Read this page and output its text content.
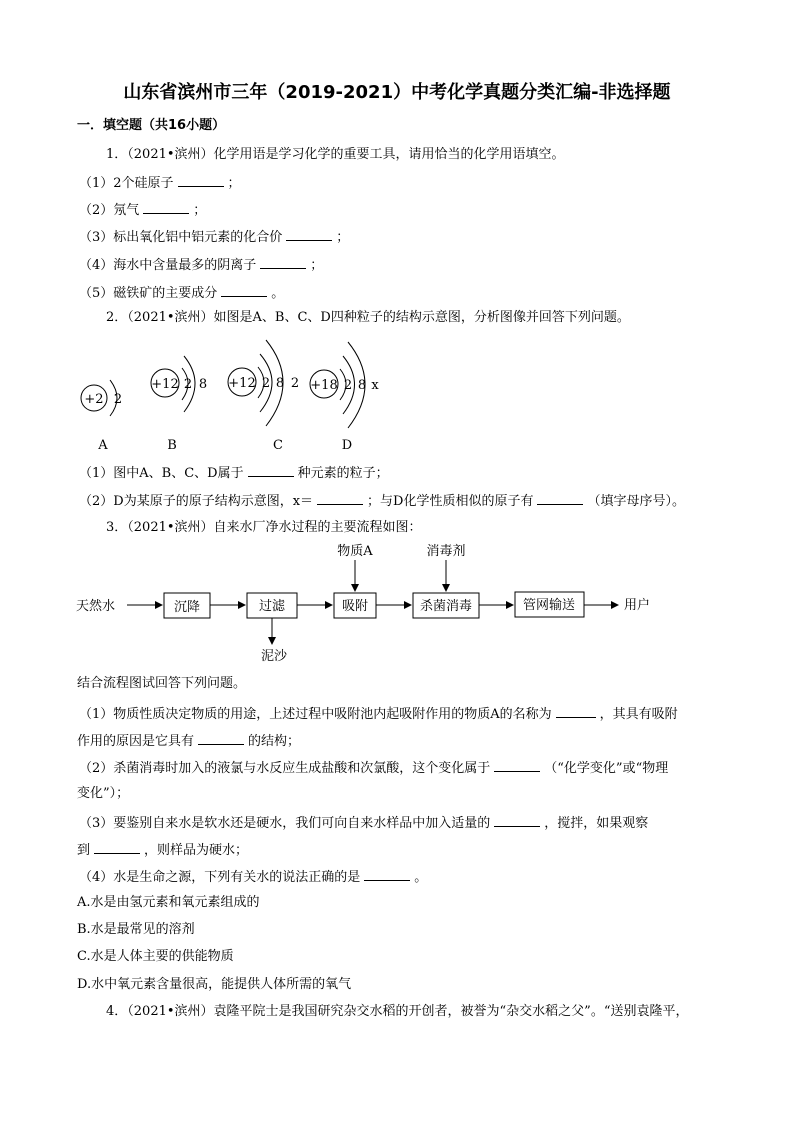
山东省滨州市三年（2019-2021）中考化学真题分类汇编-非选择题
一．填空题（共16小题）
1．（2021•滨州）化学用语是学习化学的重要工具，请用恰当的化学用语填空。
（1）2个硅原子	；
（2）氖气	；
（3）标出氧化铝中铝元素的化合价	；
（4）海水中含量最多的阴离子	；
（5）磁铁矿的主要成分	。
2．（2021•滨州）如图是A、B、C、D四种粒子的结构示意图，分析图像并回答下列问题。
+2 2
+12 2 8 +12 2 8 2 +18 2 8 x
A	B	C	D
（1）图中A、B、C、D属于	种元素的粒子；
（2）D为某原子的原子结构示意图，x＝	；与D化学性质相似的原子有	（填字母序号）。
3．（2021•滨州）自来水厂净水过程的主要流程如图：
天然水	沉降	过滤	吸附	杀菌消毒	管网输送	用户
物质A	消毒剂
泥沙
结合流程图试回答下列问题。
（1）物质性质决定物质的用途，上述过程中吸附池内起吸附作用的物质A的名称为	，其具有吸附
作用的原因是它具有	的结构；
（2）杀菌消毒时加入的液氯与水反应生成盐酸和次氯酸，这个变化属于	（“化学变化”或“物理
变化”）；
（3）要鉴别自来水是软水还是硬水，我们可向自来水样品中加入适量的	，搅拌，如果观察
到	，则样品为硬水；
（4）水是生命之源，下列有关水的说法正确的是	。
A.水是由氢元素和氧元素组成的
B.水是最常见的溶剂
C.水是人体主要的供能物质
D.水中氧元素含量很高，能提供人体所需的氧气
4．（2021•滨州）袁隆平院士是我国研究杂交水稻的开创者，被誉为“杂交水稻之父”。“送别袁隆平，
